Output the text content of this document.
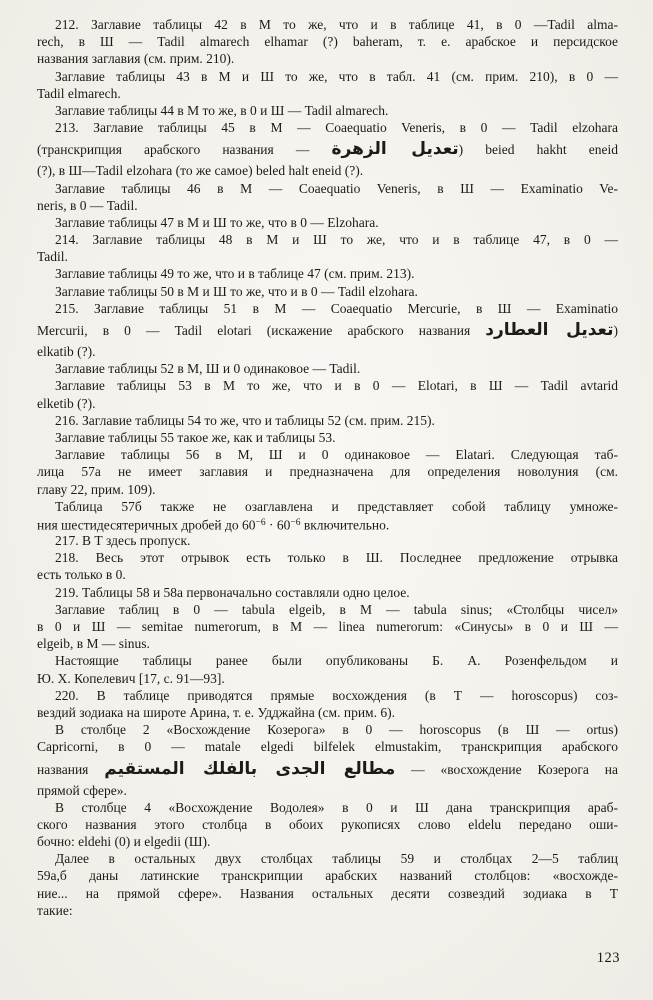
212. Заглавие таблицы 42 в М то же, что и в таблице 41, в 0 —Tadil alma-
rech, в Ш — Tadil almarech elhamar (?) baheram, т. е. арабское и персидское
названия заглавия (см. прим. 210).
Заглавие таблицы 43 в М и Ш то же, что в табл. 41 (см. прим. 210), в 0 —
Tadil elmarech.
Заглавие таблицы 44 в М то же, в 0 и Ш — Tadil almarech.
213. Заглавие таблицы 45 в М — Coaequatio Veneris, в 0 — Tadil elzohara
(транскрипция арабского названия — تعديل الزهرة) beied hakht eneid
(?), в Ш—Tadil elzohara (то же самое) beled halt eneid (?).
Заглавие таблицы 46 в М — Coaequatio Veneris, в Ш — Examinatio Ve-
neris, в 0 — Tadil.
Заглавие таблицы 47 в М и Ш то же, что в 0 — Elzohara.
214. Заглавие таблицы 48 в М и Ш то же, что и в таблице 47, в 0 —
Tadil.
Заглавие таблицы 49 то же, что и в таблице 47 (см. прим. 213).
Заглавие таблицы 50 в М и Ш то же, что и в 0 — Tadil elzohara.
215. Заглавие таблицы 51 в М — Coaequatio Mercurie, в Ш — Examinatio
Mercurii, в 0 — Tadil elotari (искажение арабского названия تعديل العطارد)
elkatib (?).
Заглавие таблицы 52 в М, Ш и 0 одинаковое — Tadil.
Заглавие таблицы 53 в М то же, что и в 0 — Elotari, в Ш — Tadil avtarid
elketib (?).
216. Заглавие таблицы 54 то же, что и таблицы 52 (см. прим. 215).
Заглавие таблицы 55 такое же, как и таблицы 53.
Заглавие таблицы 56 в М, Ш и 0 одинаковое — Elatari. Следующая таб-
лица 57а не имеет заглавия и предназначена для определения новолуния (см.
главу 22, прим. 109).
Таблица 57б также не озаглавлена и представляет собой таблицу умноже-
ния шестидесятеричных дробей до $60^{-6} \cdot 60^{-6}$ включительно.
217. В Т здесь пропуск.
218. Весь этот отрывок есть только в Ш. Последнее предложение отрывка
есть только в 0.
219. Таблицы 58 и 58а первоначально составляли одно целое.
Заглавие таблиц в 0 — tabula elgeib, в М — tabula sinus; «Столбцы чисел»
в 0 и Ш — semitae numerorum, в М — linea numerorum: «Синусы» в 0 и Ш —
elgeib, в М — sinus.
Настоящие таблицы ранее были опубликованы Б. А. Розенфельдом и
Ю. Х. Копелевич [17, с. 91—93].
220. В таблице приводятся прямые восхождения (в Т — horoscopus) соз-
вездий зодиака на широте Арина, т. е. Удджайна (см. прим. 6).
В столбце 2 «Восхождение Козерога» в 0 — horoscopus (в Ш — ortus)
Capricorni, в 0 — matale elgedi bilfelek elmustakim, транскрипция арабского
названия مطالع الجدى بالفلك المستقيم — «восхождение Козерога на
прямой сфере».
В столбце 4 «Восхождение Водолея» в 0 и Ш дана транскрипция араб-
ского названия этого столбца в обоих рукописях слово eldelu передано оши-
бочно: eldehi (0) и elgedii (Ш).
Далее в остальных двух столбцах таблицы 59 и столбцах 2—5 таблиц
59а,б даны латинские транскрипции арабских названий столбцов: «восхожде-
ние... на прямой сфере». Названия остальных десяти созвездий зодиака в Т
такие:
123
